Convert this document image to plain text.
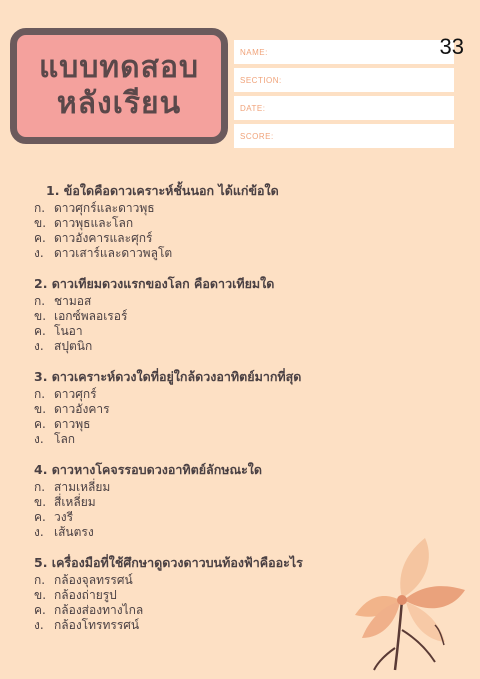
แบบทดสอบ
หลังเรียน
NAME:
SECTION:
DATE:
SCORE:
33
1. ข้อใดคือดาวเคราะห์ชั้นนอก ได้แก่ข้อใด
ก. ดาวศุกร์และดาวพุธ
ข. ดาวพุธและโลก
ค. ดาวอังคารและศุกร์
ง. ดาวเสาร์และดาวพลูโต
2. ดาวเทียมดวงแรกของโลก คือดาวเทียมใด
ก. ชามอส
ข. เอกซ์พลอเรอร์
ค. โนอา
ง. สปุตนิก
3. ดาวเคราะห์ดวงใดที่อยู่ใกล้ดวงอาทิตย์มากที่สุด
ก. ดาวศุกร์
ข. ดาวอังคาร
ค. ดาวพุธ
ง. โลก
4. ดาวหางโคจรรอบดวงอาทิตย์ลักษณะใด
ก. สามเหลี่ยม
ข. สี่เหลี่ยม
ค. วงรี
ง. เส้นตรง
5. เครื่องมือที่ใช้ศึกษาดูดวงดาวบนท้องฟ้าคืออะไร
ก. กล้องจุลทรรศน์
ข. กล้องถ่ายรูป
ค. กล้องส่องทางไกล
ง. กล้องโทรทรรศน์
